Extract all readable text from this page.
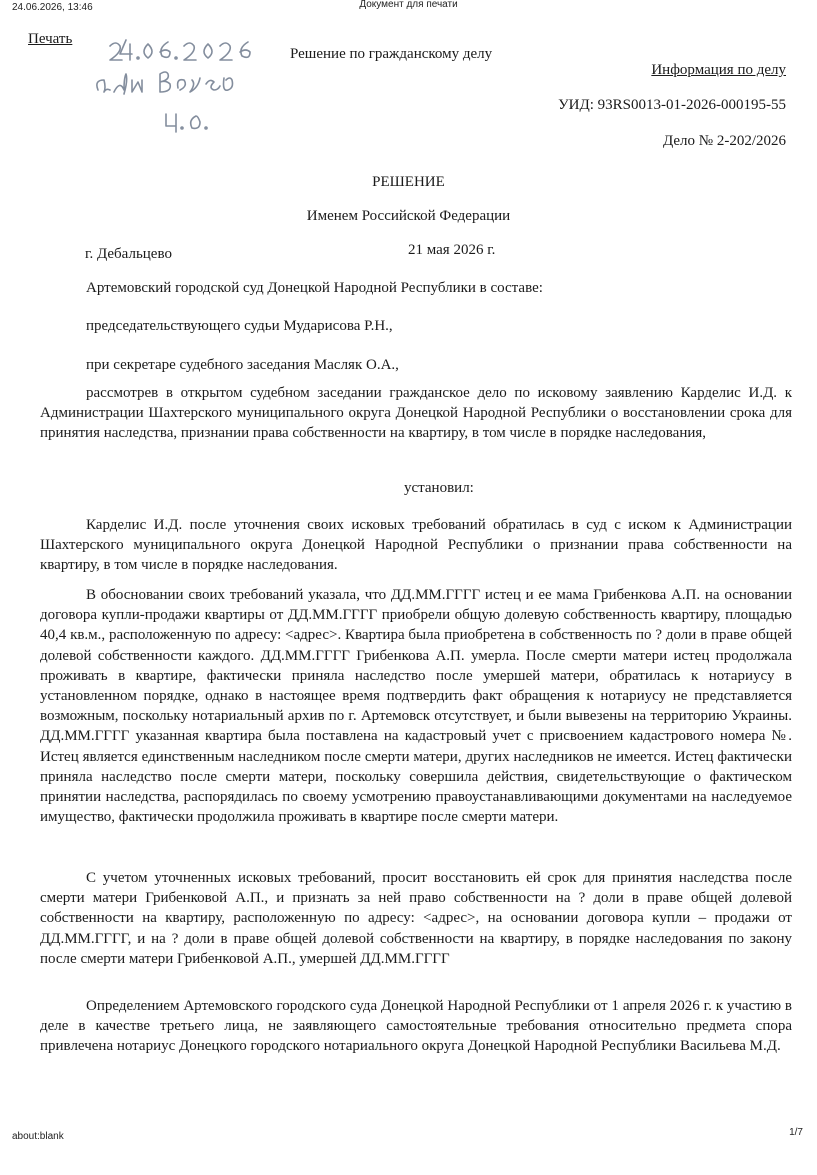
24.06.2026, 13:46	Документ для печати
about:blank	1/7
Печать
Решение по гражданскому делу
Информация по делу
УИД: 93RS0013-01-2026-000195-55
Дело № 2-202/2026
РЕШЕНИЕ
Именем Российской Федерации
г. Дебальцево	21 мая 2026 г.
Артемовский городской суд Донецкой Народной Республики в составе:
председательствующего судьи Мударисова Р.Н.,
при секретаре судебного заседания Масляк О.А.,
рассмотрев в открытом судебном заседании гражданское дело по исковому заявлению Карделис И.Д. к Администрации Шахтерского муниципального округа Донецкой Народной Республики о восстановлении срока для принятия наследства, признании права собственности на квартиру, в том числе в порядке наследования,
установил:
Карделис И.Д. после уточнения своих исковых требований обратилась в суд с иском к Администрации Шахтерского муниципального округа Донецкой Народной Республики о признании права собственности на квартиру, в том числе в порядке наследования.
В обосновании своих требований указала, что ДД.ММ.ГГГГ истец и ее мама Грибенкова А.П. на основании договора купли-продажи квартиры от ДД.ММ.ГГГГ приобрели общую долевую собственность квартиру, площадью 40,4 кв.м., расположенную по адресу: <адрес>. Квартира была приобретена в собственность по ? доли в праве общей долевой собственности каждого. ДД.ММ.ГГГГ Грибенкова А.П. умерла. После смерти матери истец продолжала проживать в квартире, фактически приняла наследство после умершей матери, обратилась к нотариусу в установленном порядке, однако в настоящее время подтвердить факт обращения к нотариусу не представляется возможным, поскольку нотариальный архив по г. Артемовск отсутствует, и были вывезены на территорию Украины. ДД.ММ.ГГГГ указанная квартира была поставлена на кадастровый учет с присвоением кадастрового номера №. Истец является единственным наследником после смерти матери, других наследников не имеется. Истец фактически приняла наследство после смерти матери, поскольку совершила действия, свидетельствующие о фактическом принятии наследства, распорядилась по своему усмотрению правоустанавливающими документами на наследуемое имущество, фактически продолжила проживать в квартире после смерти матери.
С учетом уточненных исковых требований, просит восстановить ей срок для принятия наследства после смерти матери Грибенковой А.П., и признать за ней право собственности на ? доли в праве общей долевой собственности на квартиру, расположенную по адресу: <адрес>, на основании договора купли – продажи от ДД.ММ.ГГГГ, и на ? доли в праве общей долевой собственности на квартиру, в порядке наследования по закону после смерти матери Грибенковой А.П., умершей ДД.ММ.ГГГГ
Определением Артемовского городского суда Донецкой Народной Республики от 1 апреля 2026 г. к участию в деле в качестве третьего лица, не заявляющего самостоятельные требования относительно предмета спора привлечена нотариус Донецкого городского нотариального округа Донецкой Народной Республики Васильева М.Д.
